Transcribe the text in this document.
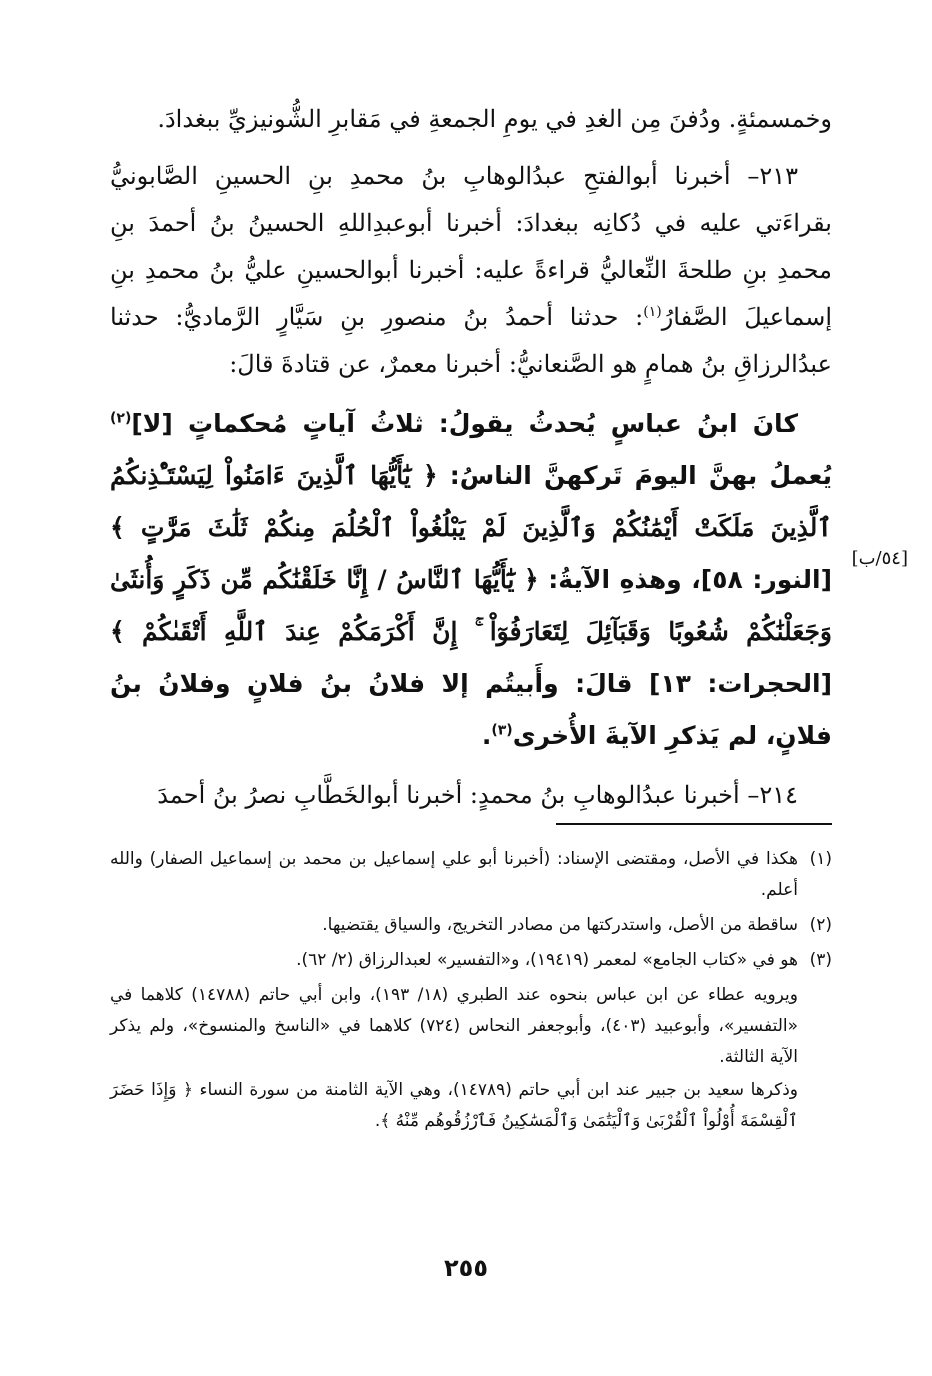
وخمسمئةٍ. ودُفنَ مِن الغدِ في يومِ الجمعةِ في مَقابرِ الشُّونيزيِّ ببغدادَ.

٢١٣– أخبرنا أبوالفتحِ عبدُالوهابِ بنُ محمدِ بنِ الحسينِ الصَّابونيُّ بقراءَتي عليه في دُكانِه ببغدادَ: أخبرنا أبوعبدِاللهِ الحسينُ بنُ أحمدَ بنِ محمدِ بنِ طلحةَ النِّعاليُّ قراءةً عليه: أخبرنا أبوالحسينِ عليُّ بنُ محمدِ بنِ إسماعيلَ الصَّفارُ$^{(١)}$: حدثنا أحمدُ بنُ منصورِ بنِ سَيَّارٍ الرَّماديُّ: حدثنا عبدُالرزاقِ بنُ همامٍ هو الصَّنعانيُّ: أخبرنا معمرٌ، عن قتادةَ قالَ:

كانَ ابنُ عباسٍ يُحدثُ يقولُ: ثلاثُ آياتٍ مُحكماتٍ [لا]$^{(٢)}$ يُعملُ بهنَّ اليومَ تَركهنَّ الناسُ: ﴿ يَٰٓأَيُّهَا ٱلَّذِينَ ءَامَنُواْ لِيَسْتَـْٔذِنكُمُ ٱلَّذِينَ مَلَكَتْ أَيْمَٰنُكُمْ وَٱلَّذِينَ لَمْ يَبْلُغُواْ ٱلْحُلُمَ مِنكُمْ ثَلَٰثَ مَرَّٰتٍ ﴾ [النور: ٥٨]، وهذهِ الآيةُ: ﴿ يَٰٓأَيُّهَا ٱلنَّاسُ / إِنَّا خَلَقْنَٰكُم مِّن ذَكَرٍ وَأُنثَىٰ وَجَعَلْنَٰكُمْ شُعُوبًا وَقَبَآئِلَ لِتَعَارَفُوٓاْ ۚ إِنَّ أَكْرَمَكُمْ عِندَ ٱللَّهِ أَتْقَىٰكُمْ ﴾ [الحجرات: ١٣] قالَ: وأَبيتُم إلا فلانُ بنُ فلانٍ وفلانُ بنُ فلانٍ، لم يَذكرِ الآيةَ الأُخرى$^{(٣)}$.

٢١٤– أخبرنا عبدُالوهابِ بنُ محمدٍ: أخبرنا أبوالخَطَّابِ نصرُ بنُ أحمدَ

[٥٤/ب]

(١)هكذا في الأصل، ومقتضى الإسناد: (أخبرنا أبو علي إسماعيل بن محمد بن إسماعيل الصفار) والله أعلم.

(٢)ساقطة من الأصل، واستدركتها من مصادر التخريج، والسياق يقتضيها.

(٣)هو في «كتاب الجامع» لمعمر (١٩٤١٩)، و«التفسير» لعبدالرزاق (٢/ ٦٢).

ويرويه عطاء عن ابن عباس بنحوه عند الطبري (١٨/ ١٩٣)، وابن أبي حاتم (١٤٧٨٨) كلاهما في «التفسير»، وأبوعبيد (٤٠٣)، وأبوجعفر النحاس (٧٢٤) كلاهما في «الناسخ والمنسوخ»، ولم يذكر الآية الثالثة.

وذكرها سعيد بن جبير عند ابن أبي حاتم (١٤٧٨٩)، وهي الآية الثامنة من سورة النساء ﴿ وَإِذَا حَضَرَ ٱلْقِسْمَةَ أُوْلُواْ ٱلْقُرْبَىٰ وَٱلْيَتَٰمَىٰ وَٱلْمَسَٰكِينُ فَٱرْزُقُوهُم مِّنْهُ ﴾.

٢٥٥
